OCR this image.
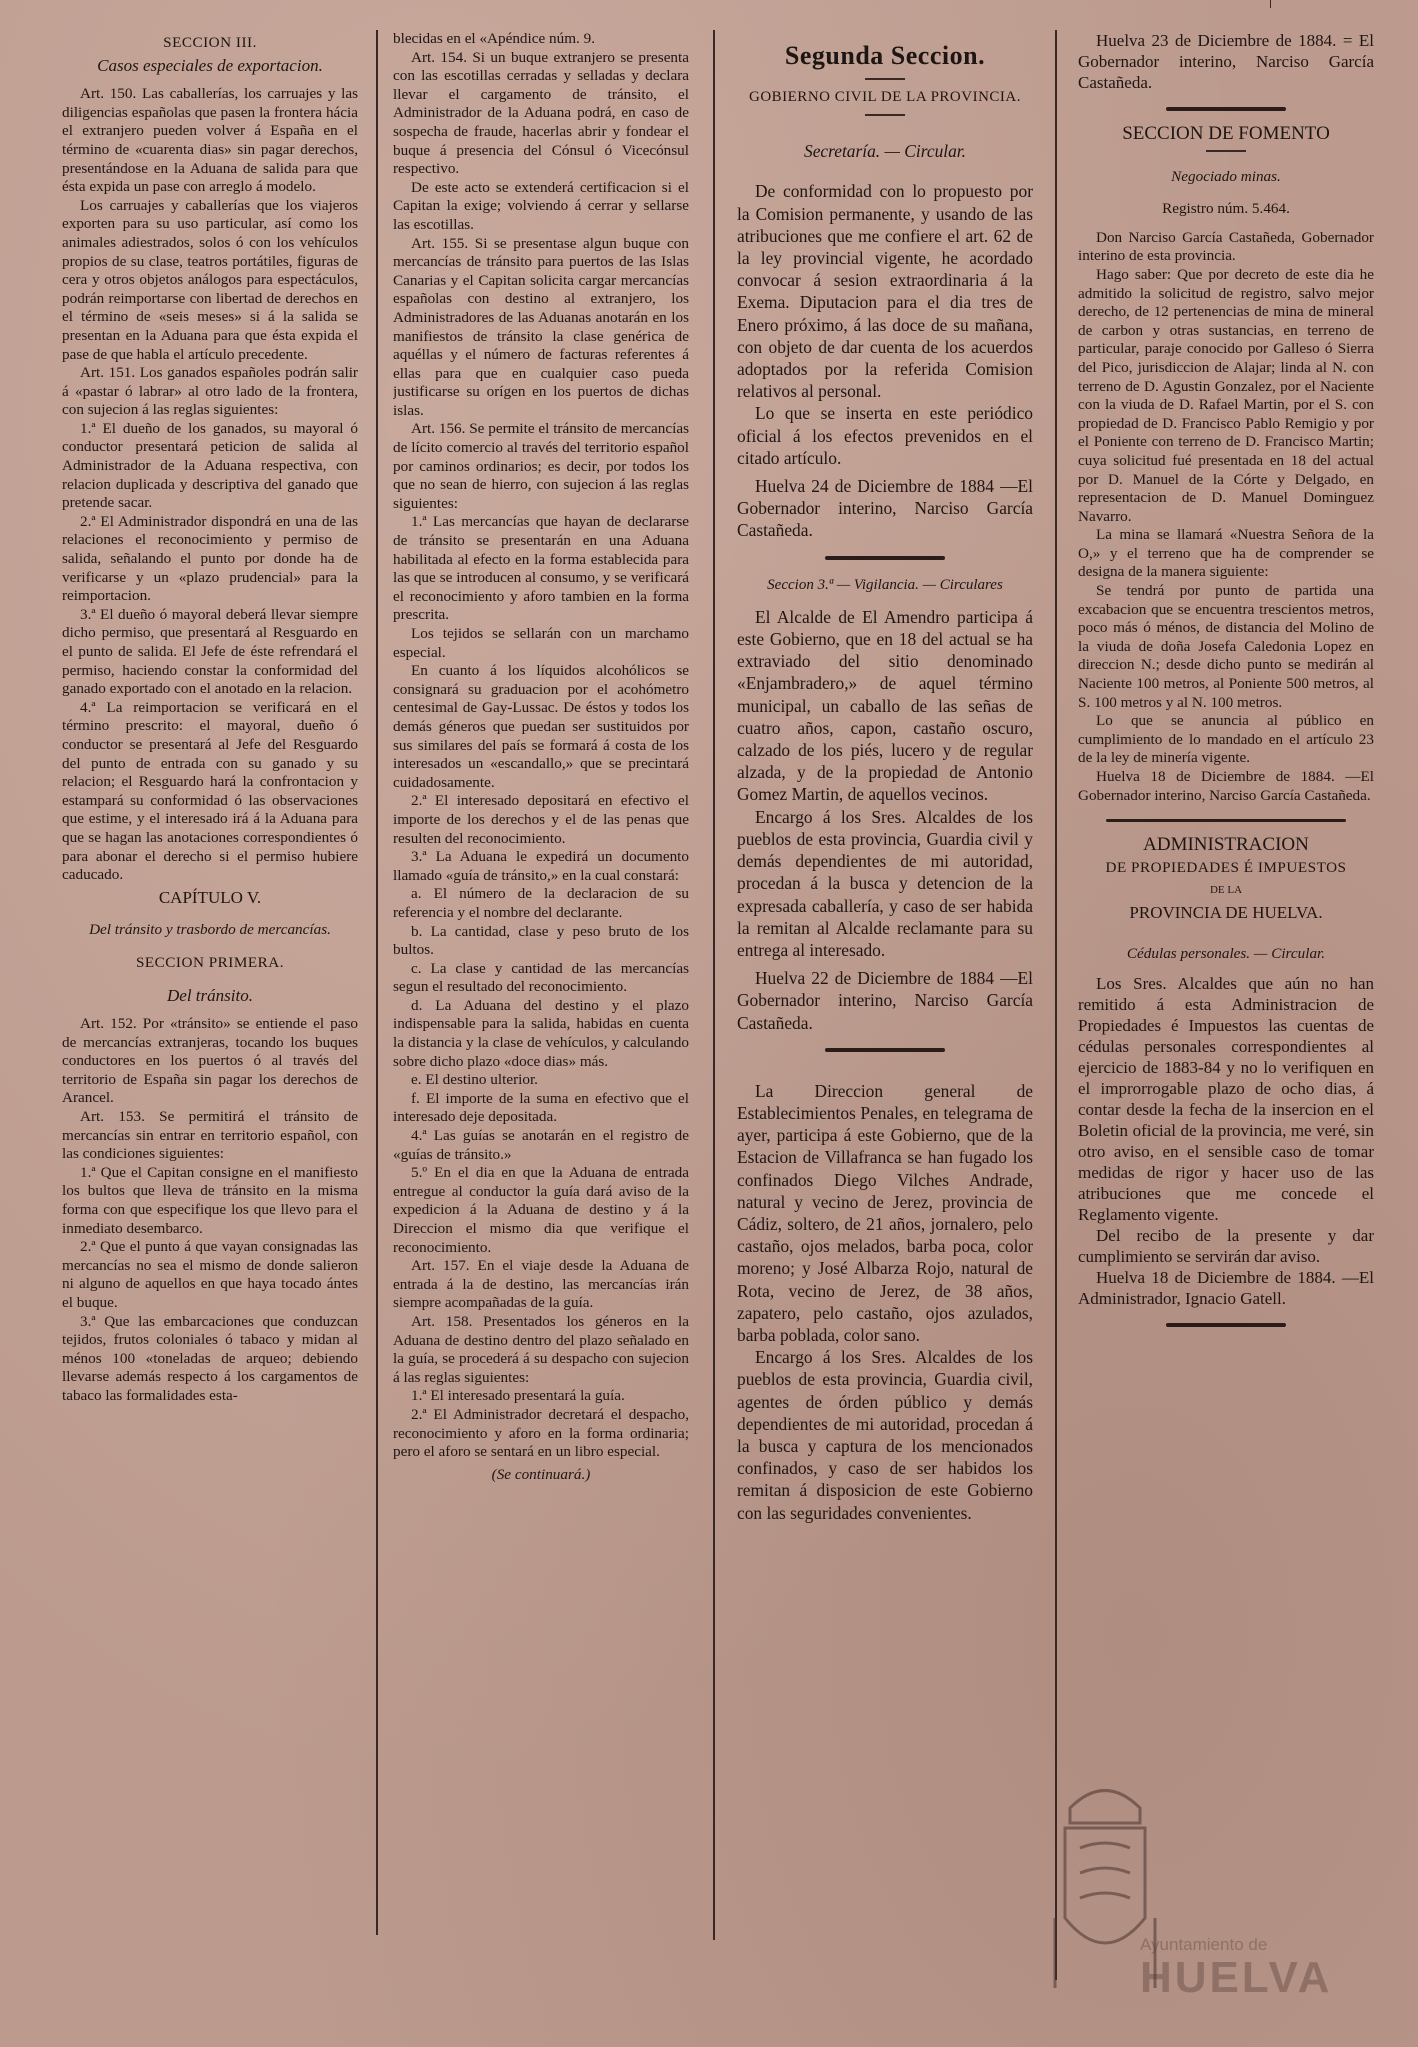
SECCION III.

Casos especiales de exportacion.

Art. 150. Las caballerías, los carruajes y las diligencias españolas que pasen la frontera hácia el extranjero pueden volver á España en el término de «cuarenta dias» sin pagar derechos, presentándose en la Aduana de salida para que ésta expida un pase con arreglo á modelo.

Los carruajes y caballerías que los viajeros exporten para su uso particular, así como los animales adiestrados, solos ó con los vehículos propios de su clase, teatros portátiles, figuras de cera y otros objetos análogos para espectáculos, podrán reimportarse con libertad de derechos en el término de «seis meses» si á la salida se presentan en la Aduana para que ésta expida el pase de que habla el artículo precedente.

Art. 151. Los ganados españoles podrán salir á «pastar ó labrar» al otro lado de la frontera, con sujecion á las reglas siguientes:

1.ª El dueño de los ganados, su mayoral ó conductor presentará peticion de salida al Administrador de la Aduana respectiva, con relacion duplicada y descriptiva del ganado que pretende sacar.

2.ª El Administrador dispondrá en una de las relaciones el reconocimiento y permiso de salida, señalando el punto por donde ha de verificarse y un «plazo prudencial» para la reimportacion.

3.ª El dueño ó mayoral deberá llevar siempre dicho permiso, que presentará al Resguardo en el punto de salida. El Jefe de éste refrendará el permiso, haciendo constar la conformidad del ganado exportado con el anotado en la relacion.

4.ª La reimportacion se verificará en el término prescrito: el mayoral, dueño ó conductor se presentará al Jefe del Resguardo del punto de entrada con su ganado y su relacion; el Resguardo hará la confrontacion y estampará su conformidad ó las observaciones que estime, y el interesado irá á la Aduana para que se hagan las anotaciones correspondientes ó para abonar el derecho si el permiso hubiere caducado.

CAPÍTULO V.

Del tránsito y trasbordo de mercancías.

SECCION PRIMERA.

Del tránsito.

Art. 152. Por «tránsito» se entiende el paso de mercancías extranjeras, tocando los buques conductores en los puertos ó al través del territorio de España sin pagar los derechos de Arancel.

Art. 153. Se permitirá el tránsito de mercancías sin entrar en territorio español, con las condiciones siguientes:

1.ª Que el Capitan consigne en el manifiesto los bultos que lleva de tránsito en la misma forma con que especifique los que llevo para el inmediato desembarco.

2.ª Que el punto á que vayan consignadas las mercancías no sea el mismo de donde salieron ni alguno de aquellos en que haya tocado ántes el buque.

3.ª Que las embarcaciones que conduzcan tejidos, frutos coloniales ó tabaco y midan al ménos 100 «toneladas de arqueo; debiendo llevarse además respecto á los cargamentos de tabaco las formalidades esta-

blecidas en el «Apéndice núm. 9.

Art. 154. Si un buque extranjero se presenta con las escotillas cerradas y selladas y declara llevar el cargamento de tránsito, el Administrador de la Aduana podrá, en caso de sospecha de fraude, hacerlas abrir y fondear el buque á presencia del Cónsul ó Vicecónsul respectivo.

De este acto se extenderá certificacion si el Capitan la exige; volviendo á cerrar y sellarse las escotillas.

Art. 155. Si se presentase algun buque con mercancías de tránsito para puertos de las Islas Canarias y el Capitan solicita cargar mercancías españolas con destino al extranjero, los Administradores de las Aduanas anotarán en los manifiestos de tránsito la clase genérica de aquéllas y el número de facturas referentes á ellas para que en cualquier caso pueda justificarse su orígen en los puertos de dichas islas.

Art. 156. Se permite el tránsito de mercancías de lícito comercio al través del territorio español por caminos ordinarios; es decir, por todos los que no sean de hierro, con sujecion á las reglas siguientes:

1.ª Las mercancías que hayan de declararse de tránsito se presentarán en una Aduana habilitada al efecto en la forma establecida para las que se introducen al consumo, y se verificará el reconocimiento y aforo tambien en la forma prescrita.

Los tejidos se sellarán con un marchamo especial.

En cuanto á los líquidos alcohólicos se consignará su graduacion por el acohómetro centesimal de Gay-Lussac. De éstos y todos los demás géneros que puedan ser sustituidos por sus similares del país se formará á costa de los interesados un «escandallo,» que se precintará cuidadosamente.

2.ª El interesado depositará en efectivo el importe de los derechos y el de las penas que resulten del reconocimiento.

3.ª La Aduana le expedirá un documento llamado «guía de tránsito,» en la cual constará:

a. El número de la declaracion de su referencia y el nombre del declarante.

b. La cantidad, clase y peso bruto de los bultos.

c. La clase y cantidad de las mercancías segun el resultado del reconocimiento.

d. La Aduana del destino y el plazo indispensable para la salida, habidas en cuenta la distancia y la clase de vehículos, y calculando sobre dicho plazo «doce dias» más.

e. El destino ulterior.

f. El importe de la suma en efectivo que el interesado deje depositada.

4.ª Las guías se anotarán en el registro de «guías de tránsito.»

5.º En el dia en que la Aduana de entrada entregue al conductor la guía dará aviso de la expedicion á la Aduana de destino y á la Direccion el mismo dia que verifique el reconocimiento.

Art. 157. En el viaje desde la Aduana de entrada á la de destino, las mercancías irán siempre acompañadas de la guía.

Art. 158. Presentados los géneros en la Aduana de destino dentro del plazo señalado en la guía, se procederá á su despacho con sujecion á las reglas siguientes:

1.ª El interesado presentará la guía.

2.ª El Administrador decretará el despacho, reconocimiento y aforo en la forma ordinaria; pero el aforo se sentará en un libro especial.

(Se continuará.)

Segunda Seccion.

GOBIERNO CIVIL DE LA PROVINCIA.

Secretaría. — Circular.

De conformidad con lo propuesto por la Comision permanente, y usando de las atribuciones que me confiere el art. 62 de la ley provincial vigente, he acordado convocar á sesion extraordinaria á la Exema. Diputacion para el dia tres de Enero próximo, á las doce de su mañana, con objeto de dar cuenta de los acuerdos adoptados por la referida Comision relativos al personal.

Lo que se inserta en este periódico oficial á los efectos prevenidos en el citado artículo.

Huelva 24 de Diciembre de 1884 —El Gobernador interino, Narciso García Castañeda.

Seccion 3.ª — Vigilancia. — Circulares

El Alcalde de El Amendro participa á este Gobierno, que en 18 del actual se ha extraviado del sitio denominado «Enjambradero,» de aquel término municipal, un caballo de las señas de cuatro años, capon, castaño oscuro, calzado de los piés, lucero y de regular alzada, y de la propiedad de Antonio Gomez Martin, de aquellos vecinos.

Encargo á los Sres. Alcaldes de los pueblos de esta provincia, Guardia civil y demás dependientes de mi autoridad, procedan á la busca y detencion de la expresada caballería, y caso de ser habida la remitan al Alcalde reclamante para su entrega al interesado.

Huelva 22 de Diciembre de 1884 —El Gobernador interino, Narciso García Castañeda.

La Direccion general de Establecimientos Penales, en telegrama de ayer, participa á este Gobierno, que de la Estacion de Villafranca se han fugado los confinados Diego Vilches Andrade, natural y vecino de Jerez, provincia de Cádiz, soltero, de 21 años, jornalero, pelo castaño, ojos melados, barba poca, color moreno; y José Albarza Rojo, natural de Rota, vecino de Jerez, de 38 años, zapatero, pelo castaño, ojos azulados, barba poblada, color sano.

Encargo á los Sres. Alcaldes de los pueblos de esta provincia, Guardia civil, agentes de órden público y demás dependientes de mi autoridad, procedan á la busca y captura de los mencionados confinados, y caso de ser habidos los remitan á disposicion de este Gobierno con las seguridades convenientes.

Huelva 23 de Diciembre de 1884. = El Gobernador interino, Narciso García Castañeda.

SECCION DE FOMENTO

Negociado minas.

Registro núm. 5.464.

Don Narciso García Castañeda, Gobernador interino de esta provincia.

Hago saber: Que por decreto de este dia he admitido la solicitud de registro, salvo mejor derecho, de 12 pertenencias de mina de mineral de carbon y otras sustancias, en terreno de particular, paraje conocido por Galleso ó Sierra del Pico, jurisdiccion de Alajar; linda al N. con terreno de D. Agustin Gonzalez, por el Naciente con la viuda de D. Rafael Martin, por el S. con propiedad de D. Francisco Pablo Remigio y por el Poniente con terreno de D. Francisco Martin; cuya solicitud fué presentada en 18 del actual por D. Manuel de la Córte y Delgado, en representacion de D. Manuel Dominguez Navarro.

La mina se llamará «Nuestra Señora de la O,» y el terreno que ha de comprender se designa de la manera siguiente:

Se tendrá por punto de partida una excabacion que se encuentra trescientos metros, poco más ó ménos, de distancia del Molino de la viuda de doña Josefa Caledonia Lopez en direccion N.; desde dicho punto se medirán al Naciente 100 metros, al Poniente 500 metros, al S. 100 metros y al N. 100 metros.

Lo que se anuncia al público en cumplimiento de lo mandado en el artículo 23 de la ley de minería vigente.

Huelva 18 de Diciembre de 1884. —El Gobernador interino, Narciso García Castañeda.

ADMINISTRACION

DE PROPIEDADES É IMPUESTOS

DE LA

PROVINCIA DE HUELVA.

Cédulas personales. — Circular.

Los Sres. Alcaldes que aún no han remitido á esta Administracion de Propiedades é Impuestos las cuentas de cédulas personales correspondientes al ejercicio de 1883-84 y no lo verifiquen en el improrrogable plazo de ocho dias, á contar desde la fecha de la insercion en el Boletin oficial de la provincia, me veré, sin otro aviso, en el sensible caso de tomar medidas de rigor y hacer uso de las atribuciones que me concede el Reglamento vigente.

Del recibo de la presente y dar cumplimiento se servirán dar aviso.

Huelva 18 de Diciembre de 1884. —El Administrador, Ignacio Gatell.

Ayuntamiento de
HUELVA
